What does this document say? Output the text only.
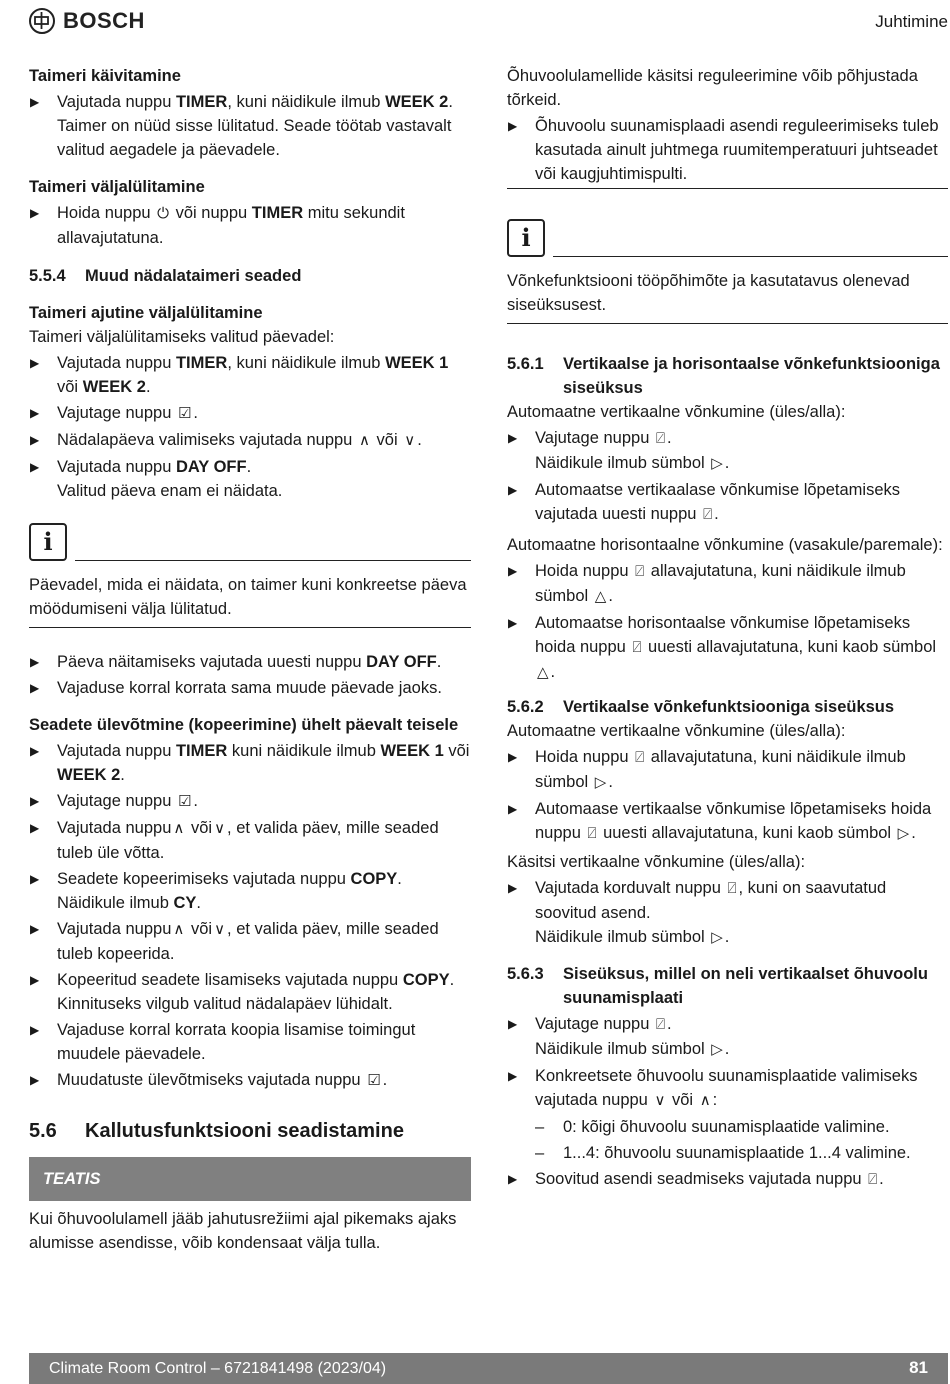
BOSCH	Juhtimine
Taimeri käivitamine
▶ Vajutada nuppu TIMER, kuni näidikule ilmub WEEK 2.
Taimer on nüüd sisse lülitatud. Seade töötab vastavalt valitud aegadele ja päevadele.
Taimeri väljalülitamine
▶ Hoida nuppu ⏻ või nuppu TIMER mitu sekundit allavajutatuna.
5.5.4 Muud nädalataimeri seaded
Taimeri ajutine väljalülitamine
Taimeri väljalülitamiseks valitud päevadel:
▶ Vajutada nuppu TIMER, kuni näidikule ilmub WEEK 1 või WEEK 2.
▶ Vajutage nuppu ☑ .
▶ Nädalapäeva valimiseks vajutada nuppu ∧ või ∨ .
▶ Vajutada nuppu DAY OFF.
Valitud päeva enam ei näidata.
i
Päevadel, mida ei näidata, on taimer kuni konkreetse päeva möödumiseni välja lülitatud.
▶ Päeva näitamiseks vajutada uuesti nuppu DAY OFF.
▶ Vajaduse korral korrata sama muude päevade jaoks.
Seadete ülevõtmine (kopeerimine) ühelt päevalt teisele
▶ Vajutada nuppu TIMER kuni näidikule ilmub WEEK 1 või WEEK 2.
▶ Vajutage nuppu ☑ .
▶ Vajutada nuppu ∧ või ∨ , et valida päev, mille seaded tuleb üle võtta.
▶ Seadete kopeerimiseks vajutada nuppu COPY.
Näidikule ilmub CY.
▶ Vajutada nuppu ∧ või ∨ , et valida päev, mille seaded tuleb kopeerida.
▶ Kopeeritud seadete lisamiseks vajutada nuppu COPY.
Kinnituseks vilgub valitud nädalapäev lühidalt.
▶ Vajaduse korral korrata koopia lisamise toimingut muudele päevadele.
▶ Muudatuste ülevõtmiseks vajutada nuppu ☑ .
5.6	Kallutusfunktsiooni seadistamine
TEATIS
Kui õhuvoolulamell jääb jahutusrežiimi ajal pikemaks ajaks alumisse asendisse, võib kondensaat välja tulla.
Õhuvoolulamellide käsitsi reguleerimine võib põhjustada tõrkeid.
▶ Õhuvoolu suunamisplaadi asendi reguleerimiseks tuleb kasutada ainult juhtmega ruumitemperatuuri juhtseadet või kaugjuhtimispulti.
i
Võnkefunktsiooni tööpõhimõte ja kasutatavus olenevad siseüksusest.
5.6.1	Vertikaalse ja horisontaalse võnkefunktsiooniga siseüksus
Automaatne vertikaalne võnkumine (üles/alla):
▶ Vajutage nuppu ⍁ .
Näidikule ilmub sümbol ▷ .
▶ Automaatse vertikaalase võnkumise lõpetamiseks vajutada uuesti nuppu ⍁ .
Automaatne horisontaalne võnkumine (vasakule/paremale):
▶ Hoida nuppu ⍁ allavajutatuna, kuni näidikule ilmub sümbol △ .
▶ Automaatse horisontaalse võnkumise lõpetamiseks hoida nuppu ⍁ uuesti allavajutatuna, kuni kaob sümbol △ .
5.6.2	Vertikaalse võnkefunktsiooniga siseüksus
Automaatne vertikaalne võnkumine (üles/alla):
▶ Hoida nuppu ⍁ allavajutatuna, kuni näidikule ilmub sümbol ▷ .
▶ Automaase vertikaalse võnkumise lõpetamiseks hoida nuppu ⍁ uuesti allavajutatuna, kuni kaob sümbol ▷ .
Käsitsi vertikaalne võnkumine (üles/alla):
▶ Vajutada korduvalt nuppu ⍁ , kuni on saavutatud soovitud asend.
Näidikule ilmub sümbol ▷ .
5.6.3	Siseüksus, millel on neli vertikaalset õhuvoolu suunamisplaati
▶ Vajutage nuppu ⍁ .
Näidikule ilmub sümbol ▷ .
▶ Konkreetsete õhuvoolu suunamisplaatide valimiseks vajutada nuppu ∨ või ∧ :
– 0: kõigi õhuvoolu suunamisplaatide valimine.
– 1...4: õhuvoolu suunamisplaatide 1...4 valimine.
▶ Soovitud asendi seadmiseks vajutada nuppu ⍁ .
Climate Room Control – 6721841498 (2023/04)	81
